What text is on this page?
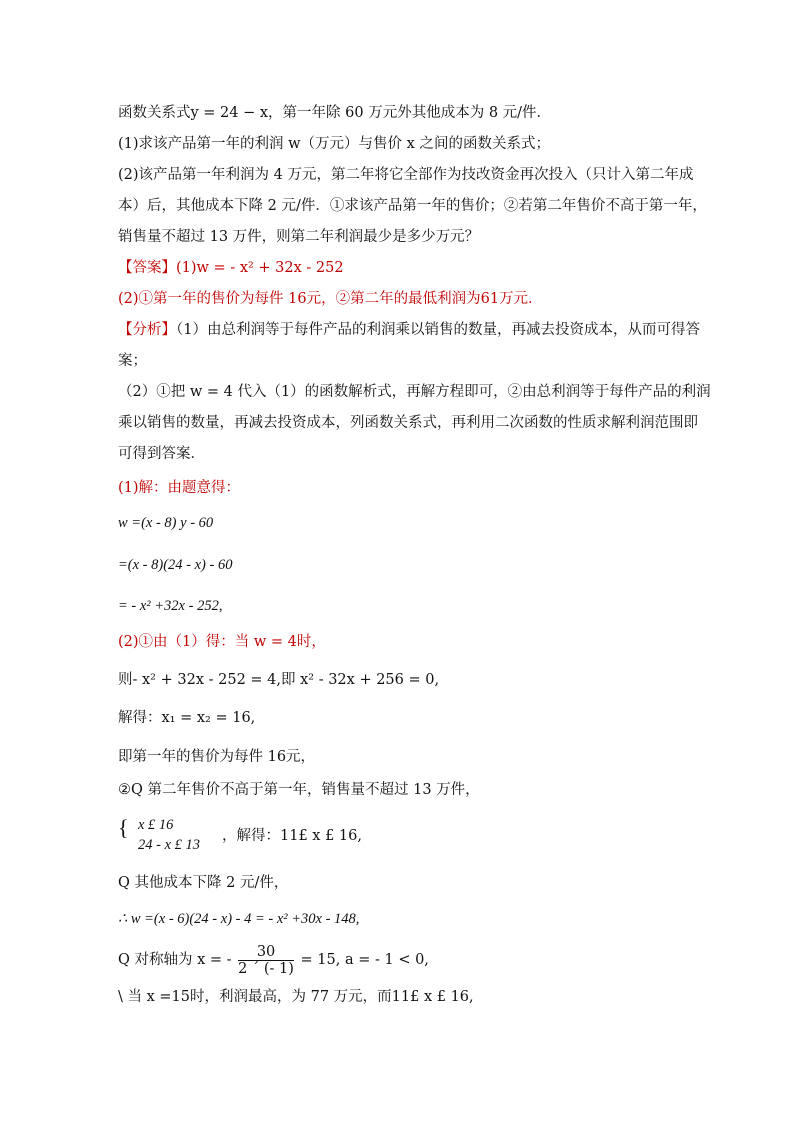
函数关系式y = 24 − x，第一年除 60 万元外其他成本为 8 元/件．
(1)求该产品第一年的利润 w（万元）与售价 x 之间的函数关系式；
(2)该产品第一年利润为 4 万元，第二年将它全部作为技改资金再次投入（只计入第二年成
本）后，其他成本下降 2 元/件．①求该产品第一年的售价；②若第二年售价不高于第一年，
销售量不超过 13 万件，则第二年利润最少是多少万元？
【答案】(1)w = - x² + 32x - 252
(2)①第一年的售价为每件 16元，②第二年的最低利润为61万元．
【分析】（1）由总利润等于每件产品的利润乘以销售的数量，再减去投资成本，从而可得答
案；
（2）①把 w = 4 代入（1）的函数解析式，再解方程即可，②由总利润等于每件产品的利润
乘以销售的数量，再减去投资成本，列函数关系式，再利用二次函数的性质求解利润范围即
可得到答案．
(1)解：由题意得：
w =(x - 8) y - 60
=(x - 8)(24 - x) - 60
= - x² +32x - 252,
(2)①由（1）得：当 w = 4时，
则- x² + 32x - 252 = 4,即 x² - 32x + 256 = 0,
解得：x₁ = x₂ = 16,
即第一年的售价为每件 16元，
②Q 第二年售价不高于第一年，销售量不超过 13 万件，
{ x £ 16
24 - x £ 13
，解得：11£ x £ 16,
Q 其他成本下降 2 元/件，
∴ w =(x - 6)(24 - x) - 4 = - x² +30x - 148,
Q 对称轴为 x = - $\frac{30}{2 ´ (- 1)} = 15$, a = - 1 < 0,
\ 当 x =15时，利润最高，为 77 万元，而11£ x £ 16,
